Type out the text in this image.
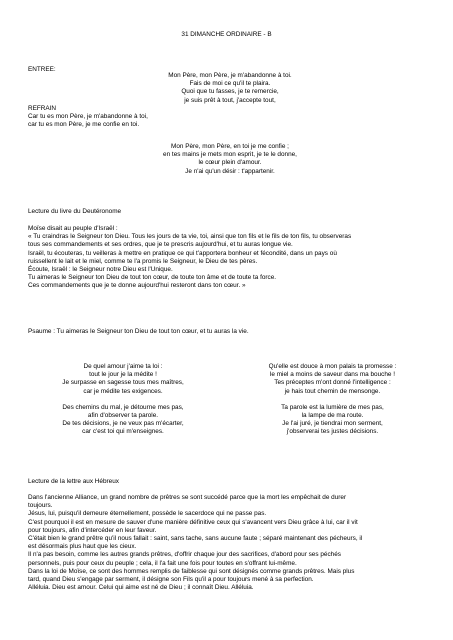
31 DIMANCHE ORDINAIRE - B
ENTREE:
Mon Père, mon Père, je m'abandonne à toi.
Fais de moi ce qu'il te plaira.
Quoi que tu fasses, je te remercie,
je suis prêt à tout, j'accepte tout,
REFRAIN
Car tu es mon Père, je m'abandonne à toi,
car tu es mon Père, je me confie en toi.
Mon Père, mon Père, en toi je me confie ;
en tes mains je mets mon esprit, je te le donne,
le cœur plein d'amour.
Je n'ai qu'un désir : t'appartenir.
Lecture du livre du Deutéronome
Moïse disait au peuple d'Israël :
« Tu craindras le Seigneur ton Dieu. Tous les jours de ta vie, toi, ainsi que ton fils et le fils de ton fils, tu observeras
tous ses commandements et ses ordres, que je te prescris aujourd'hui, et tu auras longue vie.
Israël, tu écouteras, tu veilleras à mettre en pratique ce qui t'apportera bonheur et fécondité, dans un pays où
ruissellent le lait et le miel, comme te l'a promis le Seigneur, le Dieu de tes pères.
Écoute, Israël : le Seigneur notre Dieu est l'Unique.
Tu aimeras le Seigneur ton Dieu de tout ton cœur, de toute ton âme et de toute ta force.
Ces commandements que je te donne aujourd'hui resteront dans ton cœur. »
Psaume : Tu aimeras le Seigneur ton Dieu de tout ton cœur, et tu auras la vie.
De quel amour j'aime ta loi :
tout le jour je la médite !
Je surpasse en sagesse tous mes maîtres,
car je médite tes exigences.
Des chemins du mal, je détourne mes pas,
afin d'observer ta parole.
De tes décisions, je ne veux pas m'écarter,
car c'est toi qui m'enseignes.
Qu'elle est douce à mon palais ta promesse :
le miel a moins de saveur dans ma bouche !
Tes préceptes m'ont donné l'intelligence :
je hais tout chemin de mensonge.
Ta parole est la lumière de mes pas,
la lampe de ma route.
Je l'ai juré, je tiendrai mon serment,
j'observerai tes justes décisions.
Lecture de la lettre aux Hébreux
Dans l'ancienne Alliance, un grand nombre de prêtres se sont succédé parce que la mort les empêchait de durer
toujours.
Jésus, lui, puisqu'il demeure éternellement, possède le sacerdoce qui ne passe pas.
C'est pourquoi il est en mesure de sauver d'une manière définitive ceux qui s'avancent vers Dieu grâce à lui, car il vit
pour toujours, afin d'intercéder en leur faveur.
C'était bien le grand prêtre qu'il nous fallait : saint, sans tache, sans aucune faute ; séparé maintenant des pécheurs, il
est désormais plus haut que les cieux.
Il n'a pas besoin, comme les autres grands prêtres, d'offrir chaque jour des sacrifices, d'abord pour ses péchés
personnels, puis pour ceux du peuple ; cela, il l'a fait une fois pour toutes en s'offrant lui-même.
Dans la loi de Moïse, ce sont des hommes remplis de faiblesse qui sont désignés comme grands prêtres. Mais plus
tard, quand Dieu s'engage par serment, il désigne son Fils qu'il a pour toujours mené à sa perfection.
Alléluia. Dieu est amour. Celui qui aime est né de Dieu ; il connaît Dieu. Alléluia.
